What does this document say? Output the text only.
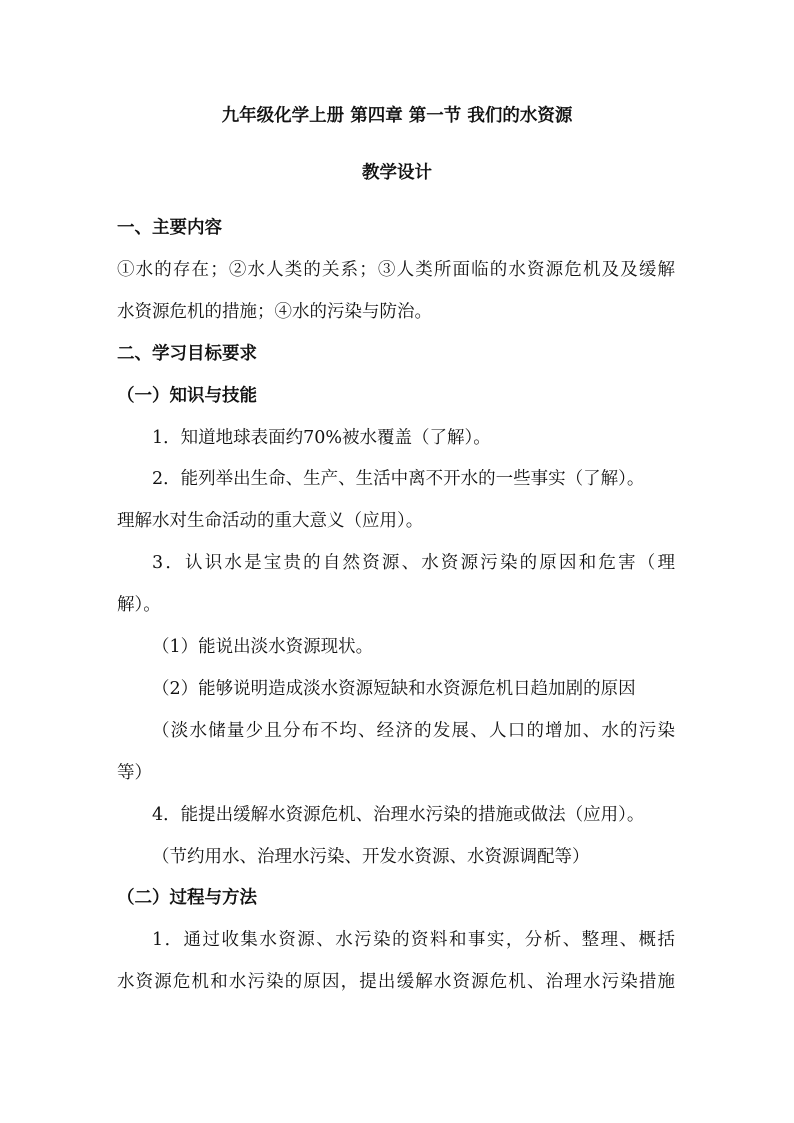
九年级化学上册 第四章 第一节 我们的水资源
教学设计
一、主要内容
①水的存在；②水人类的关系；③人类所面临的水资源危机及及缓解
水资源危机的措施；④水的污染与防治。
二、学习目标要求
（一）知识与技能
1．知道地球表面约70%被水覆盖（了解）。
2．能列举出生命、生产、生活中离不开水的一些事实（了解）。
理解水对生命活动的重大意义（应用）。
3．认识水是宝贵的自然资源、水资源污染的原因和危害（理
解）。
（1）能说出淡水资源现状。
（2）能够说明造成淡水资源短缺和水资源危机日趋加剧的原因
（淡水储量少且分布不均、经济的发展、人口的增加、水的污染
等）
4．能提出缓解水资源危机、治理水污染的措施或做法（应用）。
（节约用水、治理水污染、开发水资源、水资源调配等）
（二）过程与方法
1．通过收集水资源、水污染的资料和事实，分析、整理、概括
水资源危机和水污染的原因，提出缓解水资源危机、治理水污染措施
